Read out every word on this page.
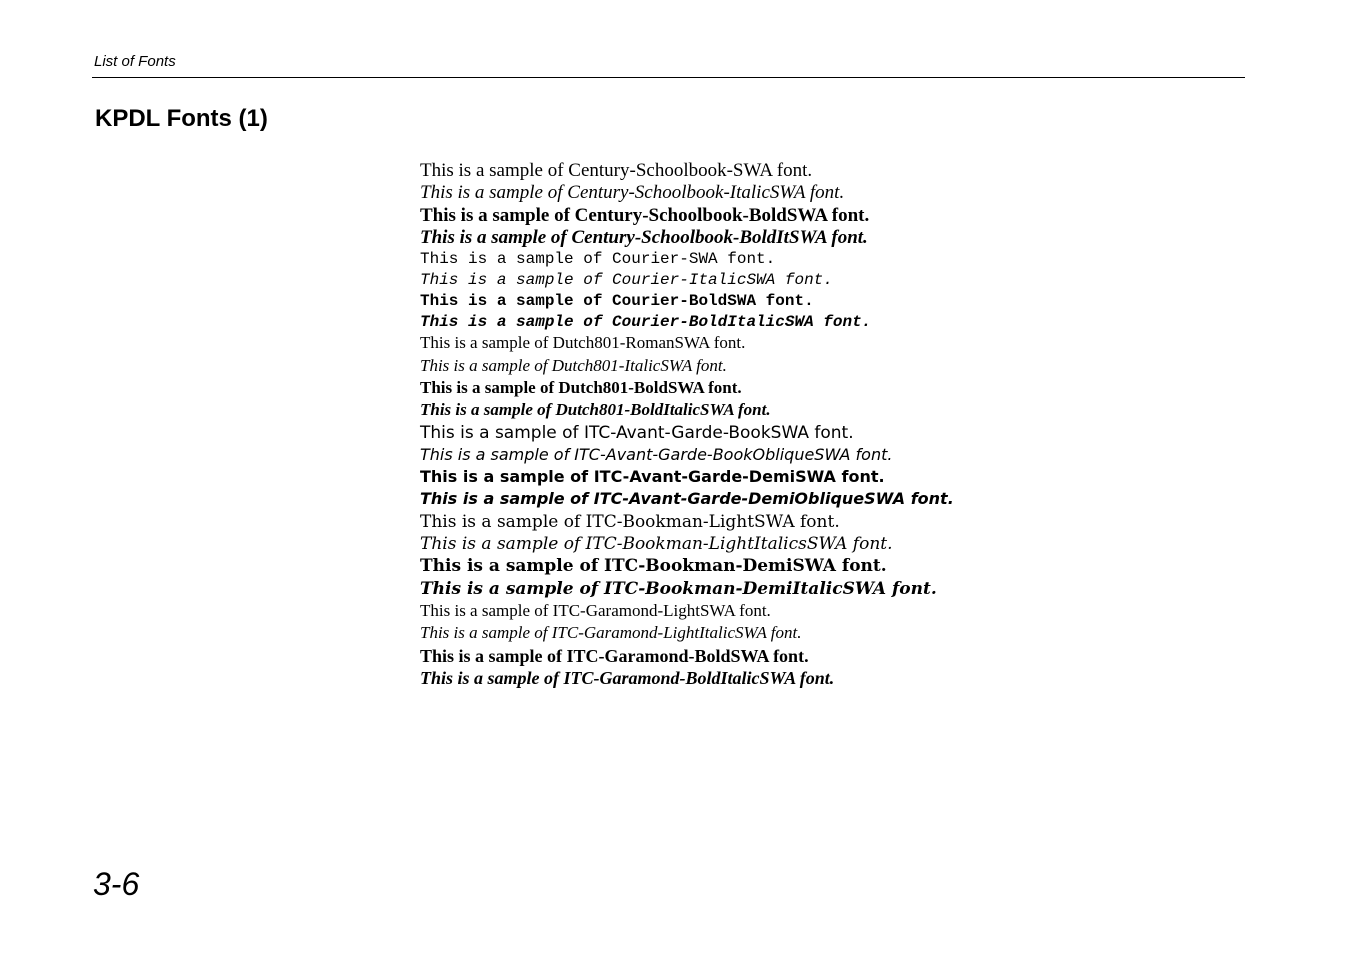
List of Fonts
KPDL Fonts (1)
This is a sample of Century-Schoolbook-SWA font.
This is a sample of Century-Schoolbook-ItalicSWA font.
This is a sample of Century-Schoolbook-BoldSWA font.
This is a sample of Century-Schoolbook-BoldItSWA font.
This is a sample of Courier-SWA font.
This is a sample of Courier-ItalicSWA font.
This is a sample of Courier-BoldSWA font.
This is a sample of Courier-BoldItalicSWA font.
This is a sample of Dutch801-RomanSWA font.
This is a sample of Dutch801-ItalicSWA font.
This is a sample of Dutch801-BoldSWA font.
This is a sample of Dutch801-BoldItalicSWA font.
This is a sample of ITC-Avant-Garde-BookSWA font.
This is a sample of ITC-Avant-Garde-BookObliqueSWA font.
This is a sample of ITC-Avant-Garde-DemiSWA font.
This is a sample of ITC-Avant-Garde-DemiObliqueSWA font.
This is a sample of ITC-Bookman-LightSWA font.
This is a sample of ITC-Bookman-LightItalicsSWA font.
This is a sample of ITC-Bookman-DemiSWA font.
This is a sample of ITC-Bookman-DemiItalicSWA font.
This is a sample of ITC-Garamond-LightSWA font.
This is a sample of ITC-Garamond-LightItalicSWA font.
This is a sample of ITC-Garamond-BoldSWA font.
This is a sample of ITC-Garamond-BoldItalicSWA font.
3-6
